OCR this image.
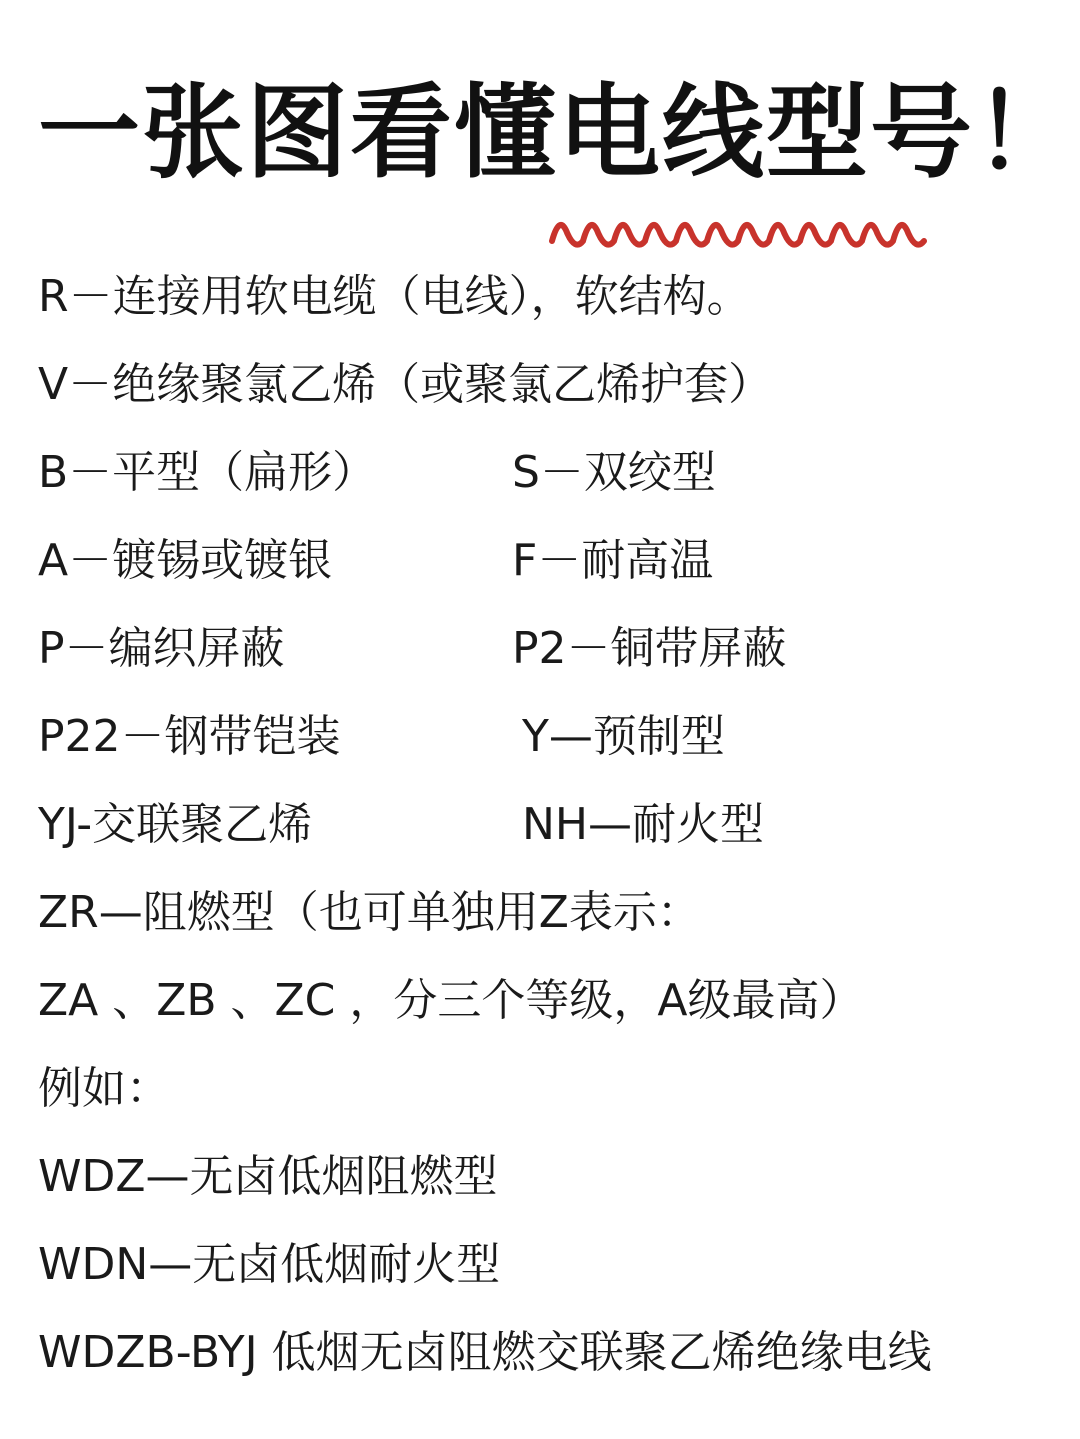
一张图看懂电线型号！
R－连接用软电缆（电线），软结构。
V－绝缘聚氯乙烯（或聚氯乙烯护套）
B－平型（扁形）	S－双绞型
A－镀锡或镀银	F－耐高温
P－编织屏蔽	P2－铜带屏蔽
P22－钢带铠装	Y—预制型
YJ-交联聚乙烯	NH—耐火型
ZR—阻燃型（也可单独用Z表示：
ZA 、ZB 、ZC ，分三个等级，A级最高）
例如：
WDZ—无卤低烟阻燃型
WDN—无卤低烟耐火型
WDZB-BYJ 低烟无卤阻燃交联聚乙烯绝缘电线
